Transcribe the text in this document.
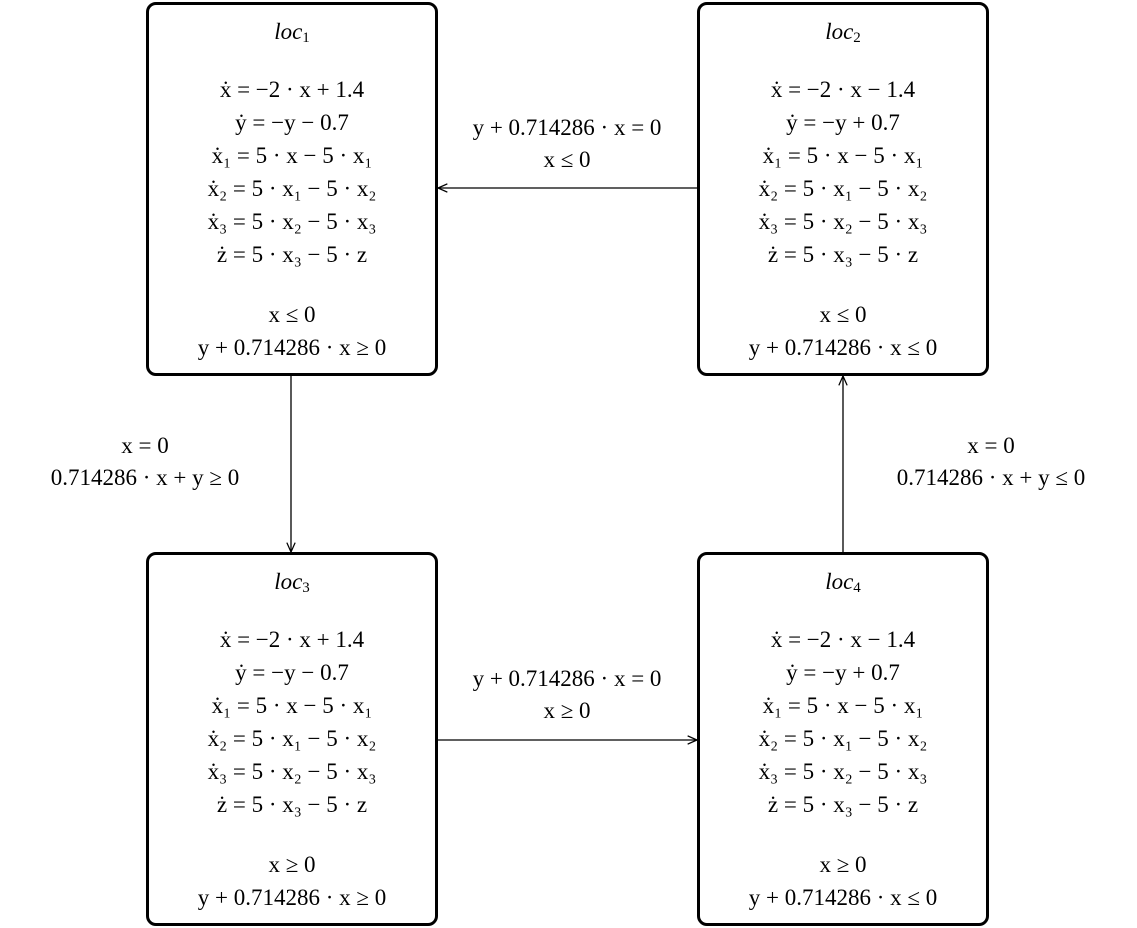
loc$_1$
ẋ = −2 · x + 1.4
ẏ = −y − 0.7
ẋ₁ = 5 · x − 5 · x₁
ẋ₂ = 5 · x₁ − 5 · x₂
ẋ₃ = 5 · x₂ − 5 · x₃
ż = 5 · x₃ − 5 · z
x ≤ 0
y + 0.714286 · x ≥ 0
loc$_2$
ẋ = −2 · x − 1.4
ẏ = −y + 0.7
ẋ₁ = 5 · x − 5 · x₁
ẋ₂ = 5 · x₁ − 5 · x₂
ẋ₃ = 5 · x₂ − 5 · x₃
ż = 5 · x₃ − 5 · z
x ≤ 0
y + 0.714286 · x ≤ 0
loc$_3$
ẋ = −2 · x + 1.4
ẏ = −y − 0.7
ẋ₁ = 5 · x − 5 · x₁
ẋ₂ = 5 · x₁ − 5 · x₂
ẋ₃ = 5 · x₂ − 5 · x₃
ż = 5 · x₃ − 5 · z
x ≥ 0
y + 0.714286 · x ≥ 0
loc$_4$
ẋ = −2 · x − 1.4
ẏ = −y + 0.7
ẋ₁ = 5 · x − 5 · x₁
ẋ₂ = 5 · x₁ − 5 · x₂
ẋ₃ = 5 · x₂ − 5 · x₃
ż = 5 · x₃ − 5 · z
x ≥ 0
y + 0.714286 · x ≤ 0
y + 0.714286 · x = 0
x ≤ 0
x = 0
0.714286 · x + y ≥ 0
y + 0.714286 · x = 0
x ≥ 0
x = 0
0.714286 · x + y ≤ 0
